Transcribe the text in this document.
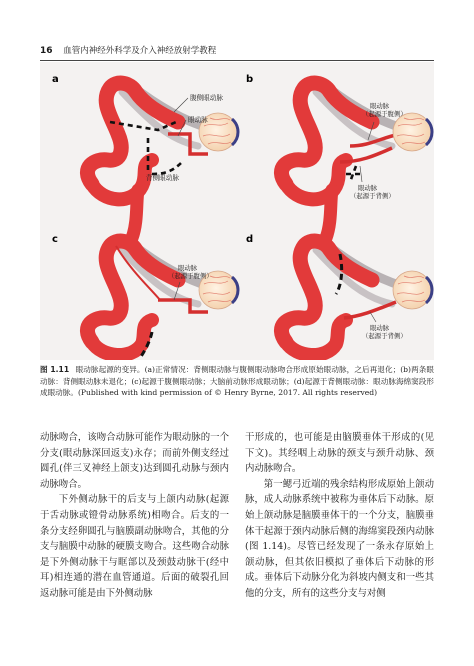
16 血管内神经外科学及介入神经放射学教程
a
腹侧眼动脉
眼动脉
背侧眼动脉
b
眼动脉（起源于腹侧）
眼动脉（起源于背侧）
c
眼动脉（起源于腹侧）
d
眼动脉（起源于背侧）
图 1.11 眼动脉起源的变异。(a)正常情况：背侧眼动脉与腹侧眼动脉吻合形成原始眼动脉，之后再退化；(b)两条眼动脉：背侧眼动脉未退化；(c)起源于腹侧眼动脉；大脑前动脉形成眼动脉；(d)起源于背侧眼动脉：眼动脉海绵窦段形成眼动脉。(Published with kind permission of © Henry Byrne, 2017. All rights reserved)

动脉吻合，该吻合动脉可能作为眼动脉的一个分支(眼动脉深回返支)永存；而前外侧支经过圆孔(伴三叉神经上颌支)达到圆孔动脉与颈内动脉吻合。

下外侧动脉干的后支与上颌内动脉(起源于舌动脉或镫骨动脉系统)相吻合。后支的一条分支经卵圆孔与脑膜副动脉吻合，其他的分支与脑膜中动脉的硬膜支吻合。这些吻合动脉是下外侧动脉干与眶部以及颈鼓动脉干(经中耳)相连通的潜在血管通道。后面的破裂孔回返动脉可能是由下外侧动脉

干形成的，也可能是由脑膜垂体干形成的(见下文)。其经咽上动脉的颈支与颈升动脉、颈内动脉吻合。

第一鳃弓近端的残余结构形成原始上颌动脉，成人动脉系统中被称为垂体后下动脉。原始上颌动脉是脑膜垂体干的一个分支，脑膜垂体干起源于颈内动脉后侧的海绵窦段颈内动脉(图 1.14)。尽管已经发现了一条永存原始上颌动脉，但其依旧模拟了垂体后下动脉的形成。垂体后下动脉分化为斜坡内侧支和一些其他的分支，所有的这些分支与对侧
